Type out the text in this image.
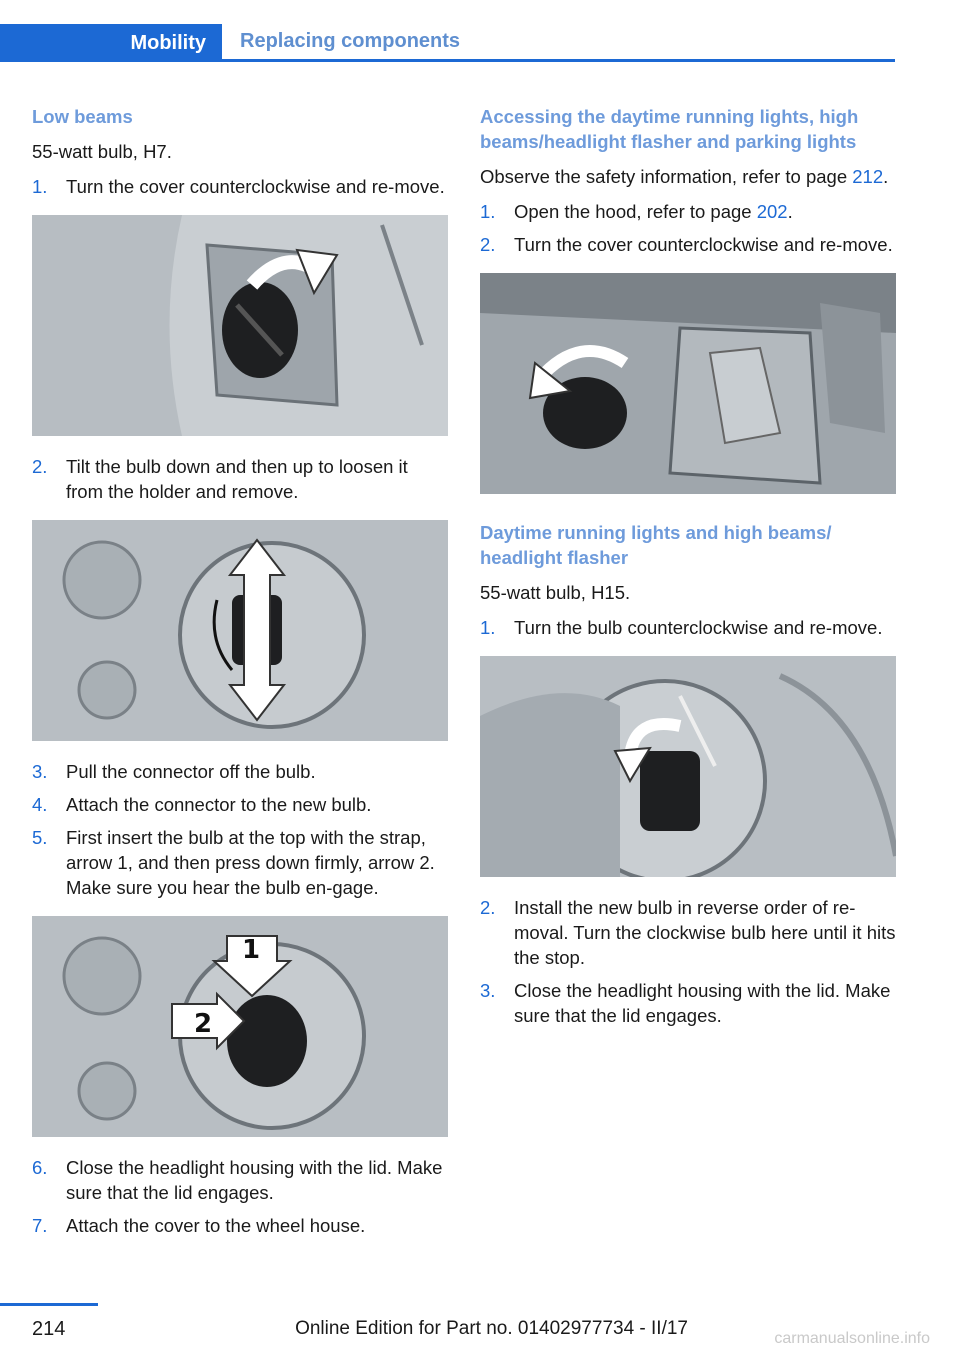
Mobility	Replacing components
Low beams

55-watt bulb, H7.

1. Turn the cover counterclockwise and re-move.
2. Tilt the bulb down and then up to loosen it from the holder and remove.
3. Pull the connector off the bulb.
4. Attach the connector to the new bulb.
5. First insert the bulb at the top with the strap, arrow 1, and then press down firmly, arrow 2. Make sure you hear the bulb en-gage.
1
2
6. Close the headlight housing with the lid. Make sure that the lid engages.
7. Attach the cover to the wheel house.
Accessing the daytime running lights, high beams/headlight flasher and parking lights

Observe the safety information, refer to page 212.

1. Open the hood, refer to page 202.
2. Turn the cover counterclockwise and re-move.
Daytime running lights and high beams/ headlight flasher

55-watt bulb, H15.

1. Turn the bulb counterclockwise and re-move.
2. Install the new bulb in reverse order of re-moval. Turn the clockwise bulb here until it hits the stop.
3. Close the headlight housing with the lid. Make sure that the lid engages.
214	Online Edition for Part no. 01402977734 - II/17	carmanualsonline.info
